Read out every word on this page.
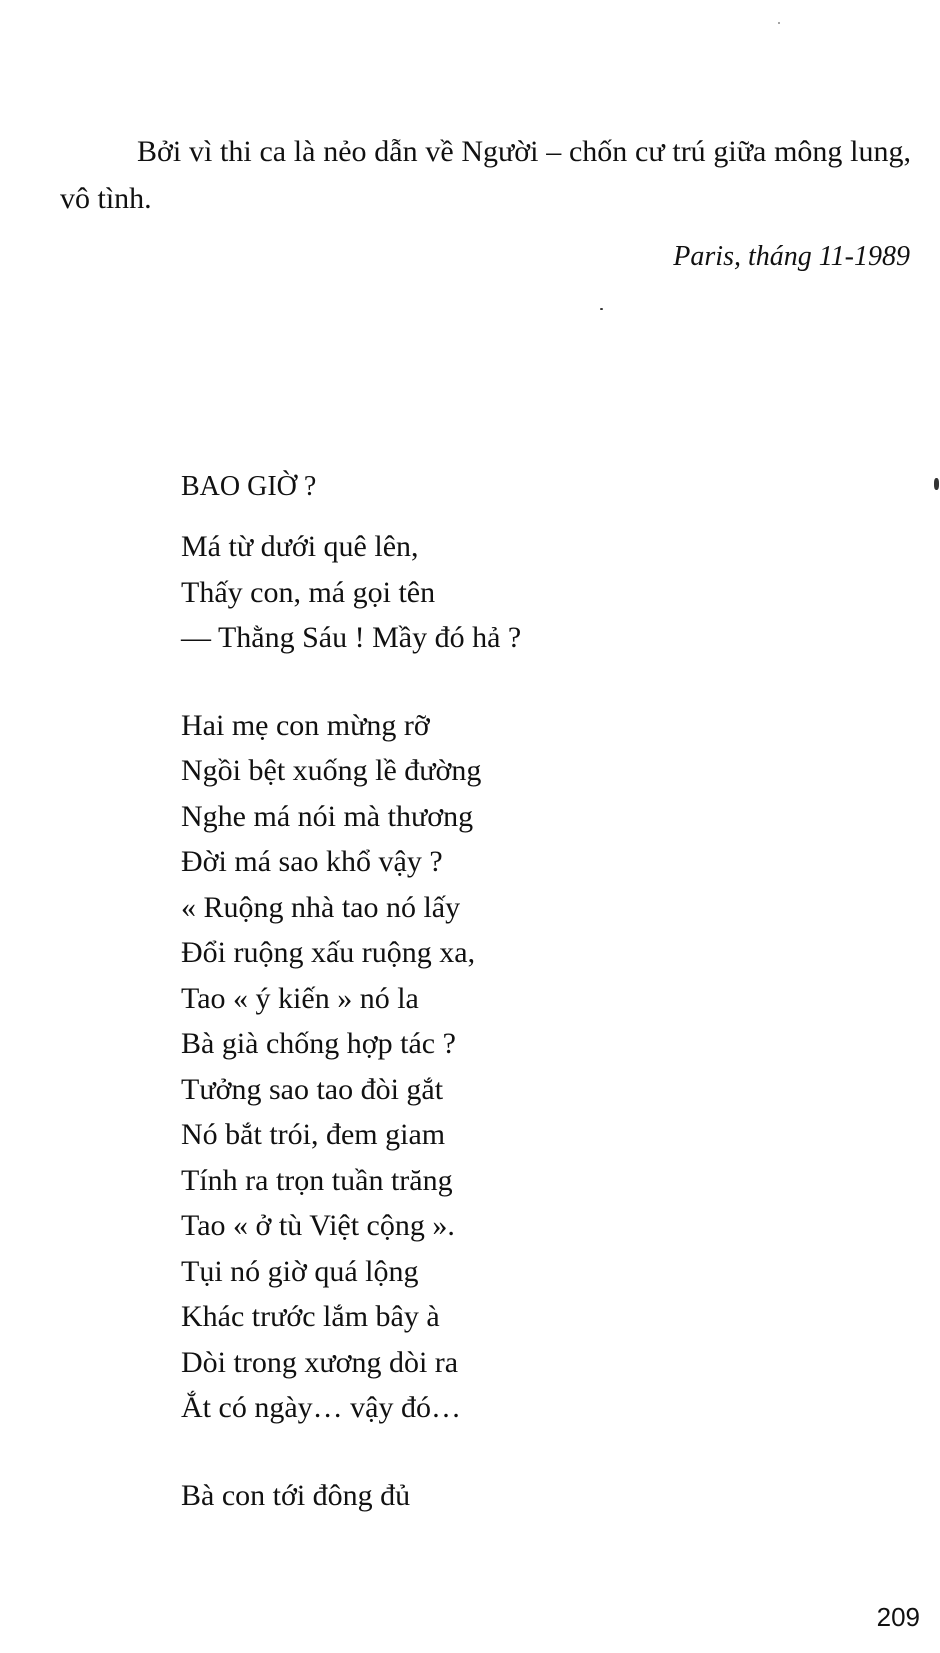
Bởi vì thi ca là nẻo dẫn về Người – chốn cư trú giữa mông lung, vô tình.

Paris, tháng 11-1989

BAO GIỜ ?

Má từ dưới quê lên,
Thấy con, má gọi tên
— Thằng Sáu ! Mầy đó hả ?
Hai mẹ con mừng rỡ
Ngồi bệt xuống lề đường
Nghe má nói mà thương
Đời má sao khổ vậy ?
« Ruộng nhà tao nó lấy
Đổi ruộng xấu ruộng xa,
Tao « ý kiến » nó la
Bà già chống hợp tác ?
Tưởng sao tao đòi gắt
Nó bắt trói, đem giam
Tính ra trọn tuần trăng
Tao « ở tù Việt cộng ».
Tụi nó giờ quá lộng
Khác trước lắm bây à
Dòi trong xương dòi ra
Ắt có ngày… vậy đó…
Bà con tới đông đủ

209
